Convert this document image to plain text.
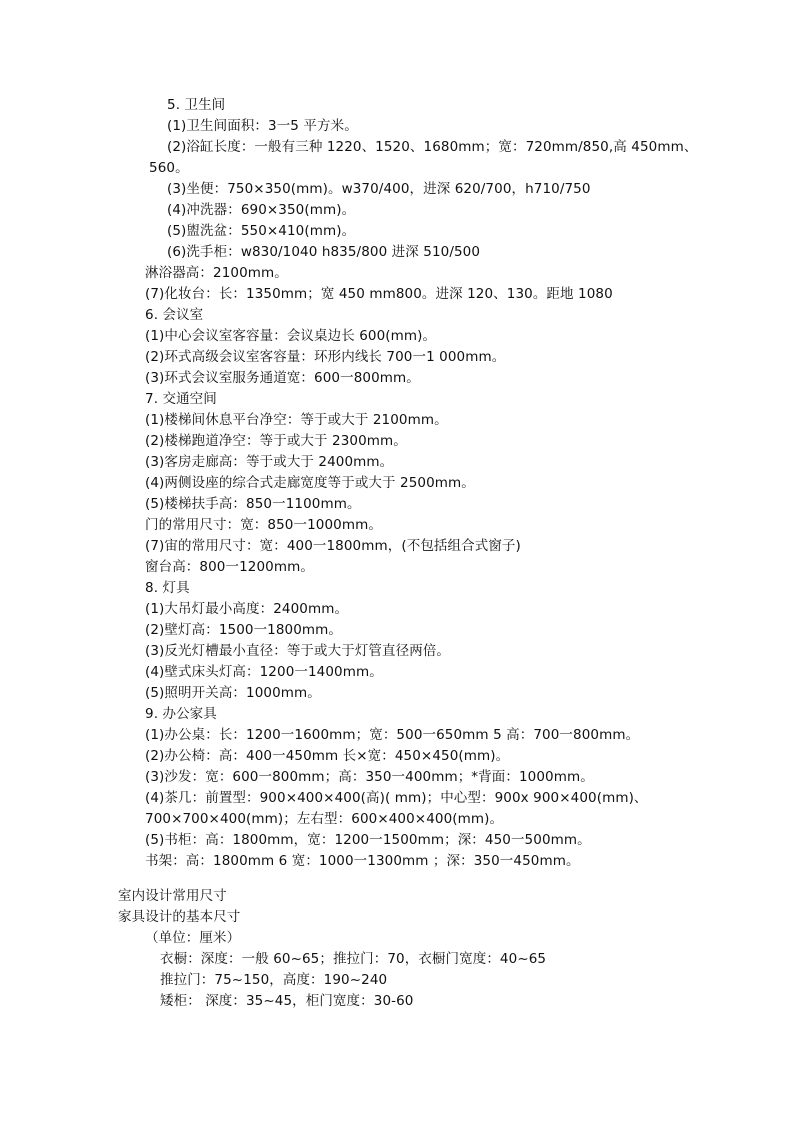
5. 卫生间
(1)卫生间面积：3一5 平方米。
(2)浴缸长度：一般有三种 1220、1520、1680mm；宽：720mm/850,高 450mm、
560。
(3)坐便：750×350(mm)。w370/400，进深 620/700，h710/750
(4)冲洗器：690×350(mm)。
(5)盥洗盆：550×410(mm)。
(6)洗手柜：w830/1040 h835/800 进深 510/500
淋浴器高：2100mm。
(7)化妆台：长：1350mm；宽 450 mm800。进深 120、130。距地 1080
6. 会议室
(1)中心会议室客容量：会议桌边长 600(mm)。
(2)环式高级会议室客容量：环形内线长 700一1 000mm。
(3)环式会议室服务通道宽：600一800mm。
7. 交通空间
(1)楼梯间休息平台净空：等于或大于 2100mm。
(2)楼梯跑道净空：等于或大于 2300mm。
(3)客房走廊高：等于或大于 2400mm。
(4)两侧设座的综合式走廊宽度等于或大于 2500mm。
(5)楼梯扶手高：850一1100mm。
门的常用尺寸：宽：850一1000mm。
(7)宙的常用尺寸：宽：400一1800mm，(不包括组合式窗子)
窗台高：800一1200mm。
8. 灯具
(1)大吊灯最小高度：2400mm。
(2)壁灯高：1500一1800mm。
(3)反光灯槽最小直径：等于或大于灯管直径两倍。
(4)壁式床头灯高：1200一1400mm。
(5)照明开关高：1000mm。
9. 办公家具
(1)办公桌：长：1200一1600mm；宽：500一650mm 5 高：700一800mm。
(2)办公椅：高：400一450mm 长×宽：450×450(mm)。
(3)沙发：宽：600一800mm；高：350一400mm；*背面：1000mm。
(4)茶几：前置型：900×400×400(高)( mm)；中心型：900x 900×400(mm)、
700×700×400(mm)；左右型：600×400×400(mm)。
(5)书柜：高：1800mm，宽：1200一1500mm；深：450一500mm。
书架：高：1800mm 6 宽：1000一1300mm ；深：350一450mm。
室内设计常用尺寸
家具设计的基本尺寸
（单位：厘米）
衣橱：深度：一般 60~65；推拉门：70，衣橱门宽度：40~65
推拉门：75~150，高度：190~240
矮柜： 深度：35~45，柜门宽度：30-60
